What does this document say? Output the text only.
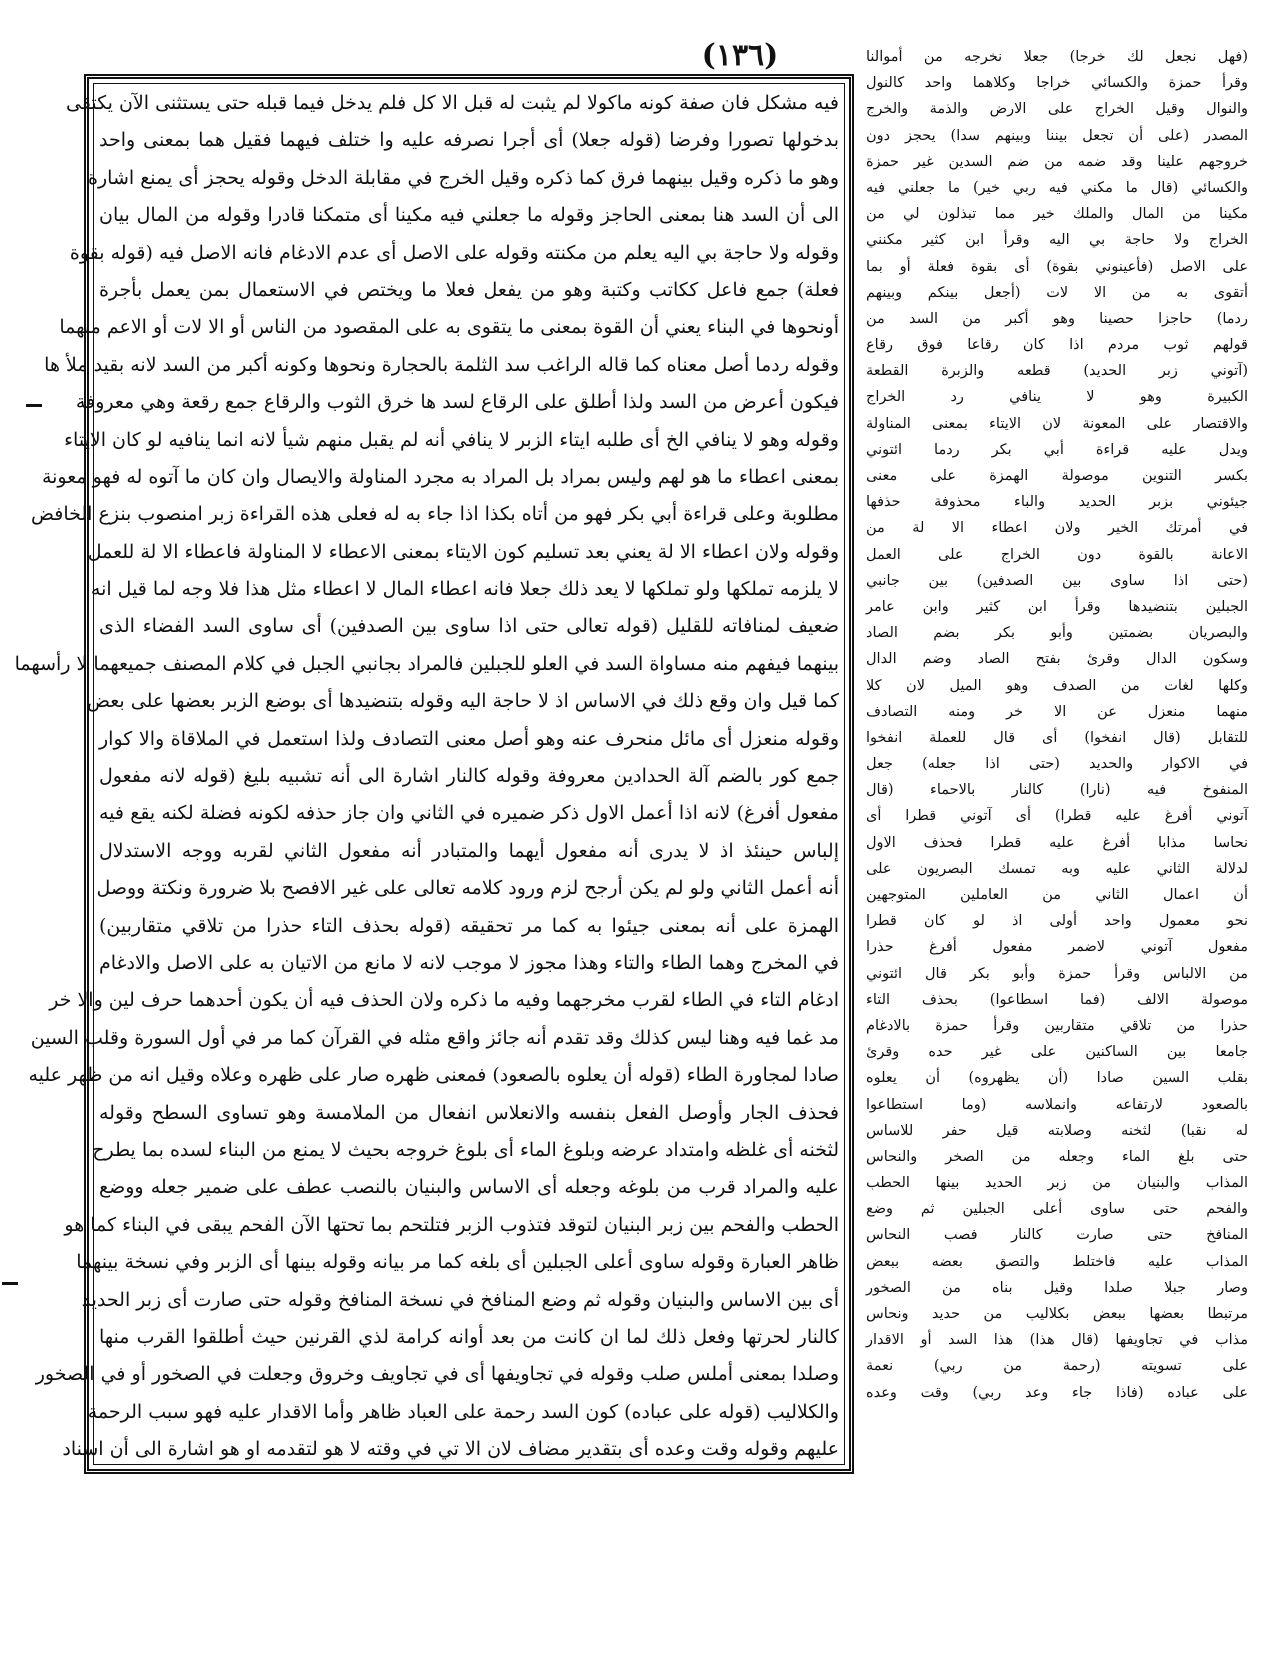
(١٣٦)	(فهل نجعل لك خرجا) جعلا نخرجه من أموالنا
وقرأ حمزة والكسائي خراجا وكلاهما واحد كالنول
والنوال وقيل الخراج على الارض والذمة والخرج
المصدر (على أن تجعل بيننا وبينهم سدا) يحجز دون
خروجهم علينا وقد ضمه من ضم السدين غير حمزة
والكسائي (قال ما مكني فيه ربي خير) ما جعلني فيه
مكينا من المال والملك خير مما تبذلون لي من
الخراج ولا حاجة بي اليه وقرأ ابن كثير مكنني
على الاصل (فأعينوني بقوة) أى بقوة فعلة أو بما
أتقوى به من الا لات (أجعل بينكم وبينهم
ردما) حاجزا حصينا وهو أكبر من السد من
قولهم ثوب مردم اذا كان رقاعا فوق رقاع
(آتوني زبر الحديد) قطعه والزبرة القطعة
الكبيرة وهو لا ينافي رد الخراج
والاقتصار على المعونة لان الايتاء بمعنى المناولة
ويدل عليه قراءة أبي بكر ردما ائتوني
بكسر التنوين موصولة الهمزة على معنى
جيئوني بزبر الحديد والباء محذوفة حذفها
في أمرتك الخير ولان اعطاء الا لة من
الاعانة بالقوة دون الخراج على العمل
(حتى اذا ساوى بين الصدفين) بين جانبي
الجبلين بتنضيدها وقرأ ابن كثير وابن عامر
والبصريان بضمتين وأبو بكر بضم الصاد
وسكون الدال وقرئ بفتح الصاد وضم الدال
وكلها لغات من الصدف وهو الميل لان كلا
منهما منعزل عن الا خر ومنه التصادف
للتقابل (قال انفخوا) أى قال للعملة انفخوا
في الاكوار والحديد (حتى اذا جعله) جعل
المنفوخ فيه (نارا) كالنار بالاحماء (قال
آتوني أفرغ عليه قطرا) أى آتوني قطرا أى
نحاسا مذابا أفرغ عليه قطرا فحذف الاول
لدلالة الثاني عليه وبه تمسك البصريون على
أن اعمال الثاني من العاملين المتوجهين
نحو معمول واحد أولى اذ لو كان قطرا
مفعول آتوني لاضمر مفعول أفرغ حذرا
من الالباس وقرأ حمزة وأبو بكر قال ائتوني
موصولة الالف (فما اسطاعوا) بحذف التاء
حذرا من تلاقي متقاربين وقرأ حمزة بالادغام
جامعا بين الساكنين على غير حده وقرئ
بقلب السين صادا (أن يظهروه) أن يعلوه
بالصعود لارتفاعه وانملاسه (وما استطاعوا
له نقبا) لثخنه وصلابته قيل حفر للاساس
حتى بلغ الماء وجعله من الصخر والنحاس
المذاب والبنيان من زبر الحديد بينها الحطب
والفحم حتى ساوى أعلى الجبلين ثم وضع
المنافخ حتى صارت كالنار فصب النحاس
المذاب عليه فاختلط والتصق بعضه ببعض
وصار جبلا صلدا وقيل بناه من الصخور
مرتبطا بعضها ببعض بكلاليب من حديد ونحاس
مذاب في تجاويفها (قال هذا) هذا السد أو الاقدار
على تسويته (رحمة من ربي) نعمة
على عباده (فاذا جاء وعد ربي) وقت وعده
فيه مشكل فان صفة كونه ماكولا لم يثبت له قبل الا كل فلم يدخل فيما قبله حتى يستثنى الآن يكتفى
بدخولها تصورا وفرضا (قوله جعلا) أى أجرا نصرفه عليه وا ختلف فيهما فقيل هما بمعنى واحد
وهو ما ذكره وقيل بينهما فرق كما ذكره وقيل الخرج في مقابلة الدخل وقوله يحجز أى يمنع اشارة
الى أن السد هنا بمعنى الحاجز وقوله ما جعلني فيه مكينا أى متمكنا قادرا وقوله من المال بيان
وقوله ولا حاجة بي اليه يعلم من مكنته وقوله على الاصل أى عدم الادغام فانه الاصل فيه (قوله بقوة
فعلة) جمع فاعل ككاتب وكتبة وهو من يفعل فعلا ما ويختص في الاستعمال بمن يعمل بأجرة
أونحوها في البناء يعني أن القوة بمعنى ما يتقوى به على المقصود من الناس أو الا لات أو الاعم منهما
وقوله ردما أصل معناه كما قاله الراغب سد الثلمة بالحجارة ونحوها وكونه أكبر من السد لانه بقيد ملأ ها
فيكون أعرض من السد ولذا أطلق على الرقاع لسد ها خرق الثوب والرقاع جمع رقعة وهي معروفة
وقوله وهو لا ينافي الخ أى طلبه ايتاء الزبر لا ينافي أنه لم يقبل منهم شيأ لانه انما ينافيه لو كان الايتاء
بمعنى اعطاء ما هو لهم وليس بمراد بل المراد به مجرد المناولة والايصال وان كان ما آتوه له فهو معونة
مطلوبة وعلى قراءة أبي بكر فهو من أتاه بكذا اذا جاء به له فعلى هذه القراءة زبر امنصوب بنزع الخافض
وقوله ولان اعطاء الا لة يعني بعد تسليم كون الايتاء بمعنى الاعطاء لا المناولة فاعطاء الا لة للعمل
لا يلزمه تملكها ولو تملكها لا يعد ذلك جعلا فانه اعطاء المال لا اعطاء مثل هذا فلا وجه لما قيل انه
ضعيف لمنافاته للقليل (قوله تعالى حتى اذا ساوى بين الصدفين) أى ساوى السد الفضاء الذى
بينهما فيفهم منه مساواة السد في العلو للجبلين فالمراد بجانبي الجبل في كلام المصنف جميعهما لا رأسهما
كما قيل وان وقع ذلك في الاساس اذ لا حاجة اليه وقوله بتنضيدها أى بوضع الزبر بعضها على بعض
وقوله منعزل أى مائل منحرف عنه وهو أصل معنى التصادف ولذا استعمل في الملاقاة والا كوار
جمع كور بالضم آلة الحدادين معروفة وقوله كالنار اشارة الى أنه تشبيه بليغ (قوله لانه مفعول
مفعول أفرغ) لانه اذا أعمل الاول ذكر ضميره في الثاني وان جاز حذفه لكونه فضلة لكنه يقع فيه
إلباس حينئذ اذ لا يدرى أنه مفعول أيهما والمتبادر أنه مفعول الثاني لقربه ووجه الاستدلال
أنه أعمل الثاني ولو لم يكن أرجح لزم ورود كلامه تعالى على غير الافصح بلا ضرورة ونكتة ووصل
الهمزة على أنه بمعنى جيئوا به كما مر تحقيقه (قوله بحذف التاء حذرا من تلاقي متقاربين)
في المخرج وهما الطاء والتاء وهذا مجوز لا موجب لانه لا مانع من الاتيان به على الاصل والادغام
ادغام التاء في الطاء لقرب مخرجهما وفيه ما ذكره ولان الحذف فيه أن يكون أحدهما حرف لين والا خر
مد غما فيه وهنا ليس كذلك وقد تقدم أنه جائز واقع مثله في القرآن كما مر في أول السورة وقلب السين
صادا لمجاورة الطاء (قوله أن يعلوه بالصعود) فمعنى ظهره صار على ظهره وعلاه وقيل انه من ظهر عليه
فحذف الجار وأوصل الفعل بنفسه والانعلاس انفعال من الملامسة وهو تساوى السطح وقوله
لثخنه أى غلظه وامتداد عرضه وبلوغ الماء أى بلوغ خروجه بحيث لا يمنع من البناء لسده بما يطرح
عليه والمراد قرب من بلوغه وجعله أى الاساس والبنيان بالنصب عطف على ضمير جعله ووضع
الحطب والفحم بين زبر البنيان لتوقد فتذوب الزبر فتلتحم بما تحتها الآن الفحم يبقى في البناء كما هو
ظاهر العبارة وقوله ساوى أعلى الجبلين أى بلغه كما مر بيانه وقوله بينها أى الزبر وفي نسخة بينهما
أى بين الاساس والبنيان وقوله ثم وضع المنافخ في نسخة المنافخ وقوله حتى صارت أى زبر الحديد
كالنار لحرتها وفعل ذلك لما ان كانت من بعد أوانه كرامة لذي القرنين حيث أطلقوا القرب منها
وصلدا بمعنى أملس صلب وقوله في تجاويفها أى في تجاويف وخروق وجعلت في الصخور أو في الصخور
والكلاليب (قوله على عباده) كون السد رحمة على العباد ظاهر وأما الاقدار عليه فهو سبب الرحمة
عليهم وقوله وقت وعده أى بتقدير مضاف لان الا تي في وقته لا هو لتقدمه او هو اشارة الى أن اسناد
